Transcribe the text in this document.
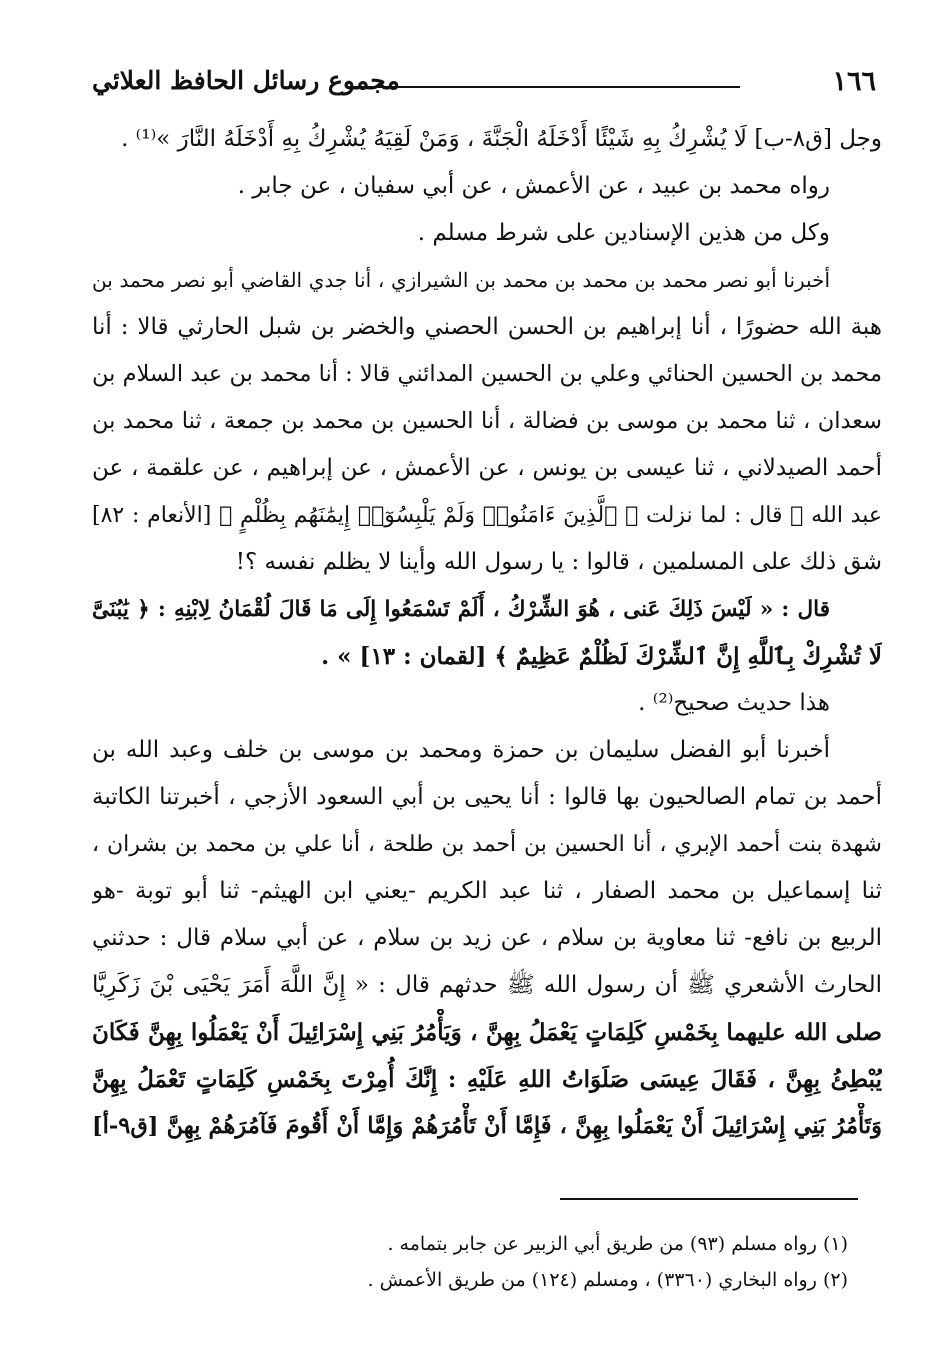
١٦٦
مجموع رسائل الحافظ العلائي
وجل [ق٨-ب] لَا يُشْرِكُ بِهِ شَيْئًا أَدْخَلَهُ الْجَنَّةَ ، وَمَنْ لَقِيَهُ يُشْرِكُ بِهِ أَدْخَلَهُ النَّارَ »⁽¹⁾ .
رواه محمد بن عبيد ، عن الأعمش ، عن أبي سفيان ، عن جابر .
وكل من هذين الإسنادين على شرط مسلم .
أخبرنا أبو نصر محمد بن محمد بن محمد بن الشيرازي ، أنا جدي القاضي أبو نصر محمد بن
هبة الله حضورًا ، أنا إبراهيم بن الحسن الحصني والخضر بن شبل الحارثي قالا : أنا
محمد بن الحسين الحنائي وعلي بن الحسين المدائني قالا : أنا محمد بن عبد السلام بن
سعدان ، ثنا محمد بن موسى بن فضالة ، أنا الحسين بن محمد بن جمعة ، ثنا محمد بن
أحمد الصيدلاني ، ثنا عيسى بن يونس ، عن الأعمش ، عن إبراهيم ، عن علقمة ، عن
عبد الله ﷺ قال : لما نزلت ﴿ ٱلَّذِينَ ءَامَنُوا۟ وَلَمْ يَلْبِسُوٓا۟ إِيمَٰنَهُم بِظُلْمٍ ﴾ [الأنعام : ٨٢]
شق ذلك على المسلمين ، قالوا : يا رسول الله وأينا لا يظلم نفسه ؟!
قال : « لَيْسَ ذَلِكَ عَنى ، هُوَ الشِّرْكُ ، أَلَمْ تَسْمَعُوا إِلَى مَا قَالَ لُقْمَانُ لِابْنِهِ : ﴿ يَٰبُنَىَّ
لَا تُشْرِكْ بِٱللَّهِ إِنَّ ٱلشِّرْكَ لَظُلْمٌ عَظِيمٌ ﴾ [لقمان : ١٣] » .
هذا حديث صحيح⁽²⁾ .
أخبرنا أبو الفضل سليمان بن حمزة ومحمد بن موسى بن خلف وعبد الله بن
أحمد بن تمام الصالحيون بها قالوا : أنا يحيى بن أبي السعود الأزجي ، أخبرتنا الكاتبة
شهدة بنت أحمد الإبري ، أنا الحسين بن أحمد بن طلحة ، أنا علي بن محمد بن بشران ،
ثنا إسماعيل بن محمد الصفار ، ثنا عبد الكريم -يعني ابن الهيثم- ثنا أبو توبة -هو
الربيع بن نافع- ثنا معاوية بن سلام ، عن زيد بن سلام ، عن أبي سلام قال : حدثني
الحارث الأشعري ﷺ أن رسول الله ﷺ حدثهم قال : « إِنَّ اللَّهَ أَمَرَ يَحْيَى بْنَ زَكَرِيَّا
صلى الله عليهما بِخَمْسِ كَلِمَاتٍ يَعْمَلُ بِهِنَّ ، وَيَأْمُرُ بَنِي إِسْرَائِيلَ أَنْ يَعْمَلُوا بِهِنَّ فَكَانَ
يُبْطِئُ بِهِنَّ ، فَقَالَ عِيسَى صَلَوَاتُ اللهِ عَلَيْهِ : إِنَّكَ أُمِرْتَ بِخَمْسِ كَلِمَاتٍ تَعْمَلُ بِهِنَّ
وَتَأْمُرُ بَنِي إِسْرَائِيلَ أَنْ يَعْمَلُوا بِهِنَّ ، فَإِمَّا أَنْ تَأْمُرَهُمْ وَإِمَّا أَنْ أَقُومَ فَآمُرَهُمْ بِهِنَّ [ق٩-أ]
(١) رواه مسلم (٩٣) من طريق أبي الزبير عن جابر بتمامه .
(٢) رواه البخاري (٣٣٦٠) ، ومسلم (١٢٤) من طريق الأعمش .
